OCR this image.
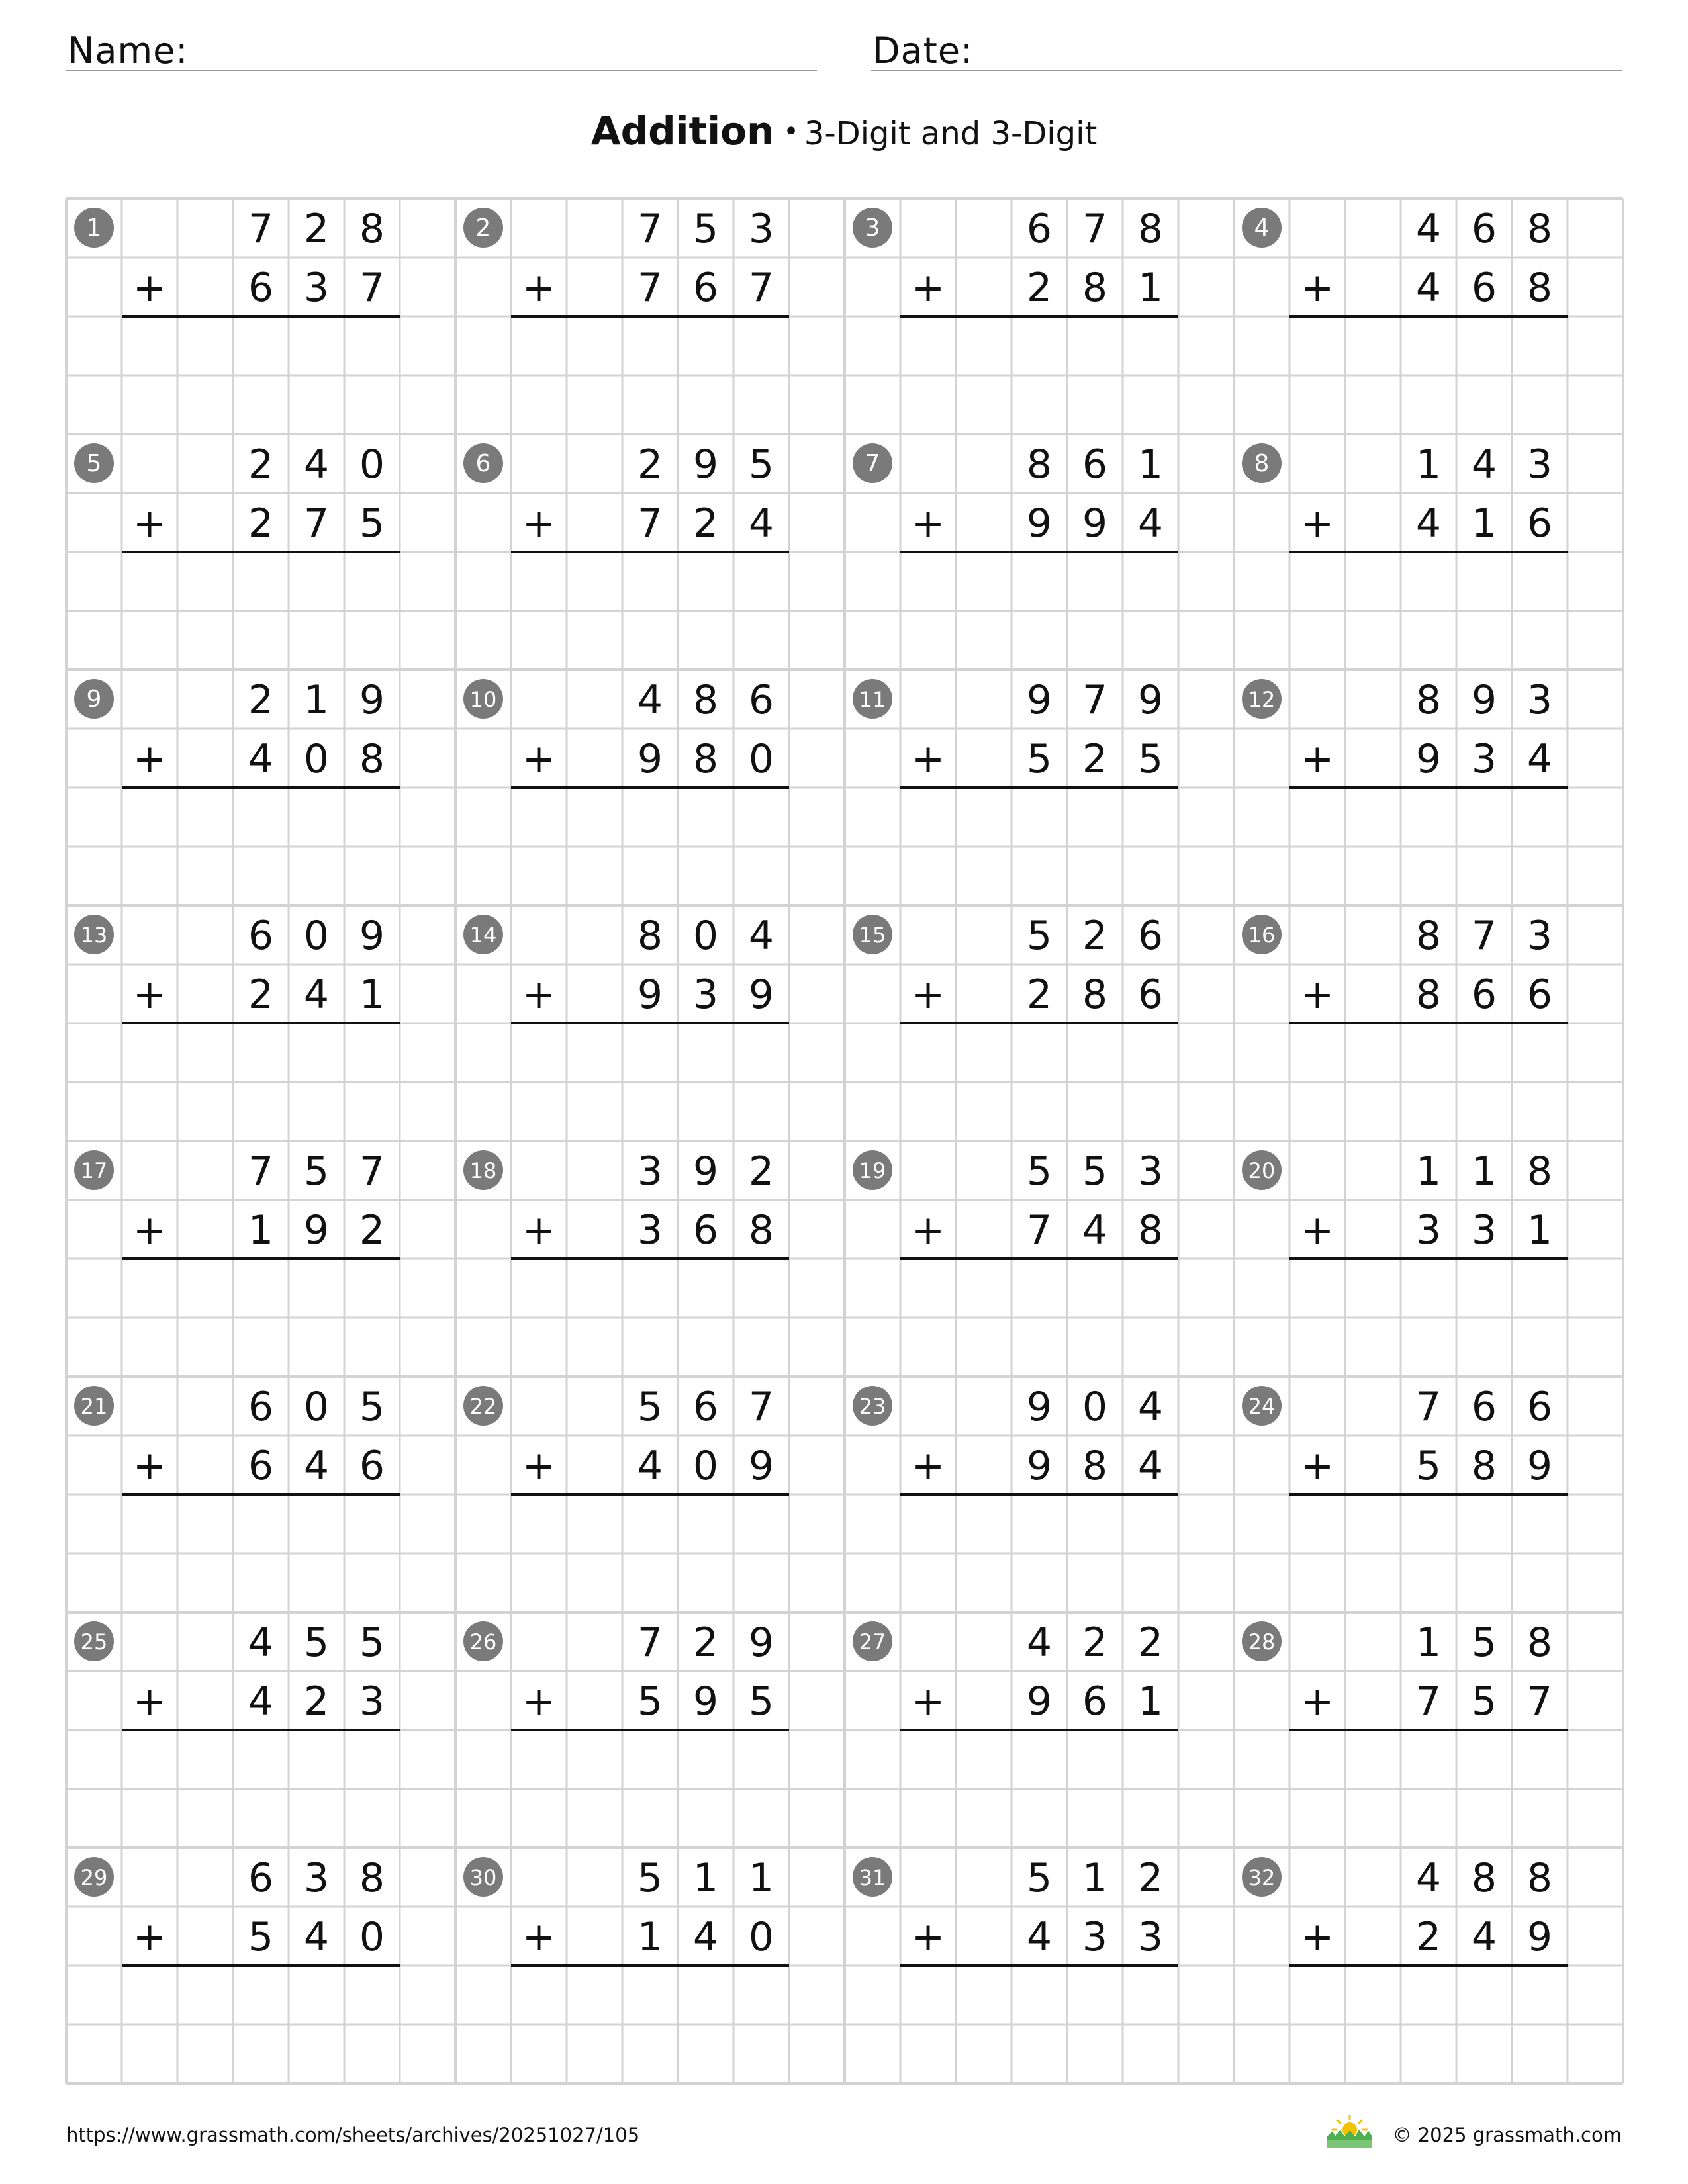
Name:	Date:
Addition • 3-Digit and 3-Digit
1	7 2 8
+ 6 3 7
2	7 5 3
+ 7 6 7
3	6 7 8
+ 2 8 1
4	4 6 8
+ 4 6 8
5	2 4 0
+ 2 7 5
6	2 9 5
+ 7 2 4
7	8 6 1
+ 9 9 4
8	1 4 3
+ 4 1 6
9	2 1 9
+ 4 0 8
10	4 8 6
+ 9 8 0
11	9 7 9
+ 5 2 5
12	8 9 3
+ 9 3 4
13	6 0 9
+ 2 4 1
14	8 0 4
+ 9 3 9
15	5 2 6
+ 2 8 6
16	8 7 3
+ 8 6 6
17	7 5 7
+ 1 9 2
18	3 9 2
+ 3 6 8
19	5 5 3
+ 7 4 8
20	1 1 8
+ 3 3 1
21	6 0 5
+ 6 4 6
22	5 6 7
+ 4 0 9
23	9 0 4
+ 9 8 4
24	7 6 6
+ 5 8 9
25	4 5 5
+ 4 2 3
26	7 2 9
+ 5 9 5
27	4 2 2
+ 9 6 1
28	1 5 8
+ 7 5 7
29	6 3 8
+ 5 4 0
30	5 1 1
+ 1 4 0
31	5 1 2
+ 4 3 3
32	4 8 8
+ 2 4 9
https://www.grassmath.com/sheets/archives/20251027/105	© 2025 grassmath.com
